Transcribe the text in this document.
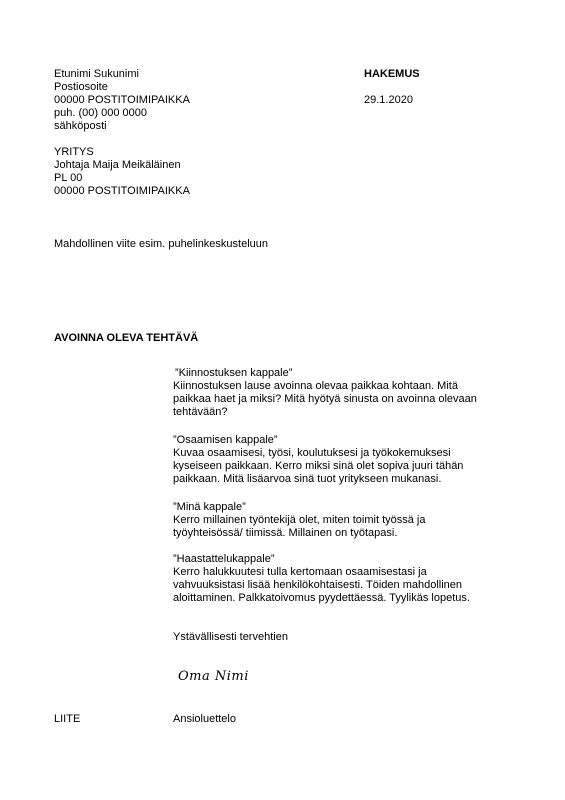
Etunimi Sukunimi
Postiosoite
00000 POSTITOIMIPAIKKA
puh. (00) 000 0000
sähköposti
HAKEMUS
29.1.2020
YRITYS
Johtaja Maija Meikäläinen
PL 00
00000 POSTITOIMIPAIKKA
Mahdollinen viite esim. puhelinkeskusteluun
AVOINNA OLEVA TEHTÄVÄ
”Kiinnostuksen kappale”
Kiinnostuksen lause avoinna olevaa paikkaa kohtaan. Mitä
paikkaa haet ja miksi? Mitä hyötyä sinusta on avoinna olevaan
tehtävään?
”Osaamisen kappale”
Kuvaa osaamisesi, työsi, koulutuksesi ja työkokemuksesi
kyseiseen paikkaan. Kerro miksi sinä olet sopiva juuri tähän
paikkaan. Mitä lisäarvoa sinä tuot yritykseen mukanasi.
”Minä kappale”
Kerro millainen työntekijä olet, miten toimit työssä ja
työyhteisössä/ tiimissä. Millainen on työtapasi.
”Haastattelukappale”
Kerro halukkuutesi tulla kertomaan osaamisestasi ja
vahvuuksistasi lisää henkilökohtaisesti. Töiden mahdollinen
aloittaminen. Palkkatoivomus pyydettäessä. Tyylikäs lopetus.
Ystävällisesti tervehtien
Oma Nimi
LIITE	Ansioluettelo
